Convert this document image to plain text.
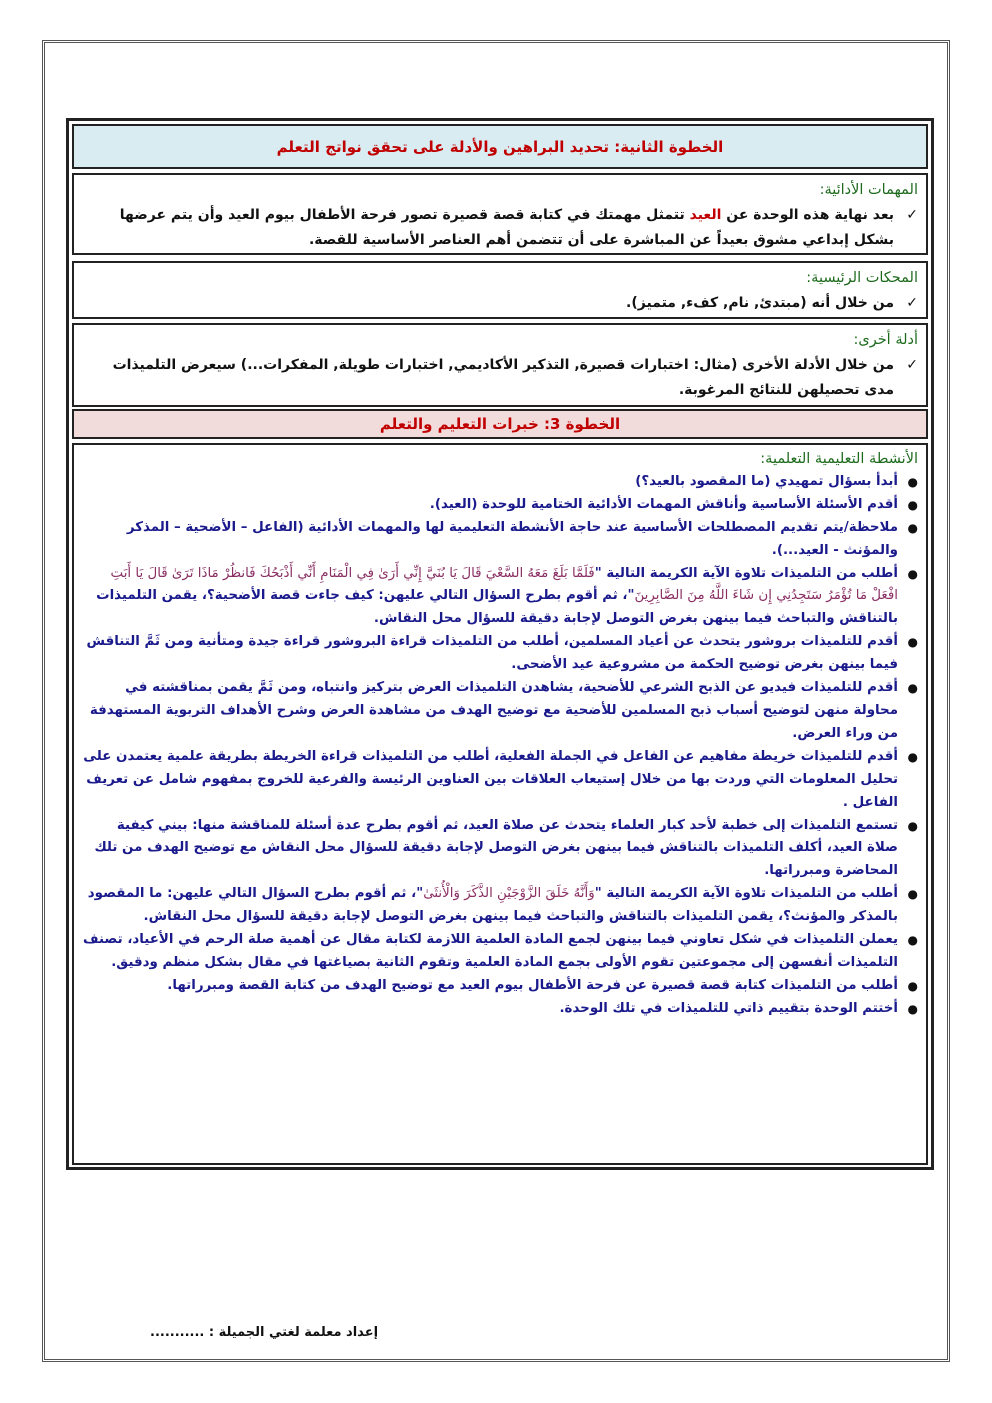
الخطوة الثانية: تحديد البراهين والأدلة على تحقق نواتج التعلم
المهمات الأدائية:
✓
بعد نهاية هذه الوحدة عن العيد تتمثل مهمتك في كتابة قصة قصيرة تصور فرحة الأطفال بيوم العيد وأن يتم عرضها بشكل إبداعي مشوق بعيداً عن المباشرة على أن تتضمن أهم العناصر الأساسية للقصة.
المحكات الرئيسية:
✓
من خلال أنه (مبتدئ, نام, كفء, متميز).
أدلة أخرى:
✓
من خلال الأدلة الأخرى (مثال: اختبارات قصيرة, التذكير الأكاديمي, اختبارات طويلة, المفكرات...) سيعرض التلميذات مدى تحصيلهن للنتائج المرغوبة.
الخطوة 3: خبرات التعليم والتعلم
الأنشطة التعليمية التعلمية:
●
أبدأ بسؤال تمهيدي (ما المقصود بالعيد؟)
●
أقدم الأسئلة الأساسية وأناقش المهمات الأدائية الختامية للوحدة (العيد).
●
ملاحظة/يتم تقديم المصطلحات الأساسية عند حاجة الأنشطة التعليمية لها والمهمات الأدائية (الفاعل – الأضحية – المذكر والمؤنث - العيد...).
●
أطلب من التلميذات تلاوة الآية الكريمة التالية "فَلَمَّا بَلَغَ مَعَهُ السَّعْيَ قَالَ يَا بُنَيَّ إِنِّي أَرَىٰ فِي الْمَنَامِ أَنِّي أَذْبَحُكَ فَانظُرْ مَاذَا تَرَىٰ قَالَ يَا أَبَتِ افْعَلْ مَا تُؤْمَرُ سَتَجِدُنِي إِن شَاءَ اللَّهُ مِنَ الصَّابِرِينَ"، ثم أقوم بطرح السؤال التالي عليهن: كيف جاءت قصة الأضحية؟، يقمن التلميذات بالتناقش والتباحث فيما بينهن بغرض التوصل لإجابة دقيقة للسؤال محل النقاش.
●
أقدم للتلميذات بروشور يتحدث عن أعياد المسلمين، أطلب من التلميذات قراءة البروشور قراءة جيدة ومتأنية ومن ثَمَّ التناقش فيما بينهن بغرض توضيح الحكمة من مشروعية عيد الأضحى.
●
أقدم للتلميذات فيديو عن الذبح الشرعي للأضحية، يشاهدن التلميذات العرض بتركيز وانتباه، ومن ثَمَّ يقمن بمناقشته في محاولة منهن لتوضيح أسباب ذبح المسلمين للأضحية مع توضيح الهدف من مشاهدة العرض وشرح الأهداف التربوية المستهدفة من وراء العرض.
●
أقدم للتلميذات خريطة مفاهيم عن الفاعل في الجملة الفعلية، أطلب من التلميذات قراءة الخريطة بطريقة علمية يعتمدن على تحليل المعلومات التي وردت بها من خلال إستيعاب العلاقات بين العناوين الرئيسة والفرعية للخروج بمفهوم شامل عن تعريف الفاعل .
●
تستمع التلميذات إلى خطبة لأحد كبار العلماء يتحدث عن صلاة العيد، ثم أقوم بطرح عدة أسئلة للمناقشة منها: بيني كيفية صلاة العيد، أكلف التلميذات بالتناقش فيما بينهن بغرض التوصل لإجابة دقيقة للسؤال محل النقاش مع توضيح الهدف من تلك المحاضرة ومبرراتها.
●
أطلب من التلميذات تلاوة الآية الكريمة التالية "وَأَنَّهُ خَلَقَ الزَّوْجَيْنِ الذَّكَرَ وَالْأُنثَىٰ"، ثم أقوم بطرح السؤال التالي عليهن: ما المقصود بالمذكر والمؤنث؟، يقمن التلميذات بالتناقش والتباحث فيما بينهن بغرض التوصل لإجابة دقيقة للسؤال محل النقاش.
●
يعملن التلميذات في شكل تعاوني فيما بينهن لجمع المادة العلمية اللازمة لكتابة مقال عن أهمية صلة الرحم في الأعياد، تصنف التلميذات أنفسهن إلى مجموعتين تقوم الأولى بجمع المادة العلمية وتقوم الثانية بصياغتها في مقال بشكل منظم ودقيق.
●
أطلب من التلميذات كتابة قصة قصيرة عن فرحة الأطفال بيوم العيد مع توضيح الهدف من كتابة القصة ومبرراتها.
●
أختتم الوحدة بتقييم ذاتي للتلميذات في تلك الوحدة.
إعداد معلمة لغتي الجميلة : ...........
